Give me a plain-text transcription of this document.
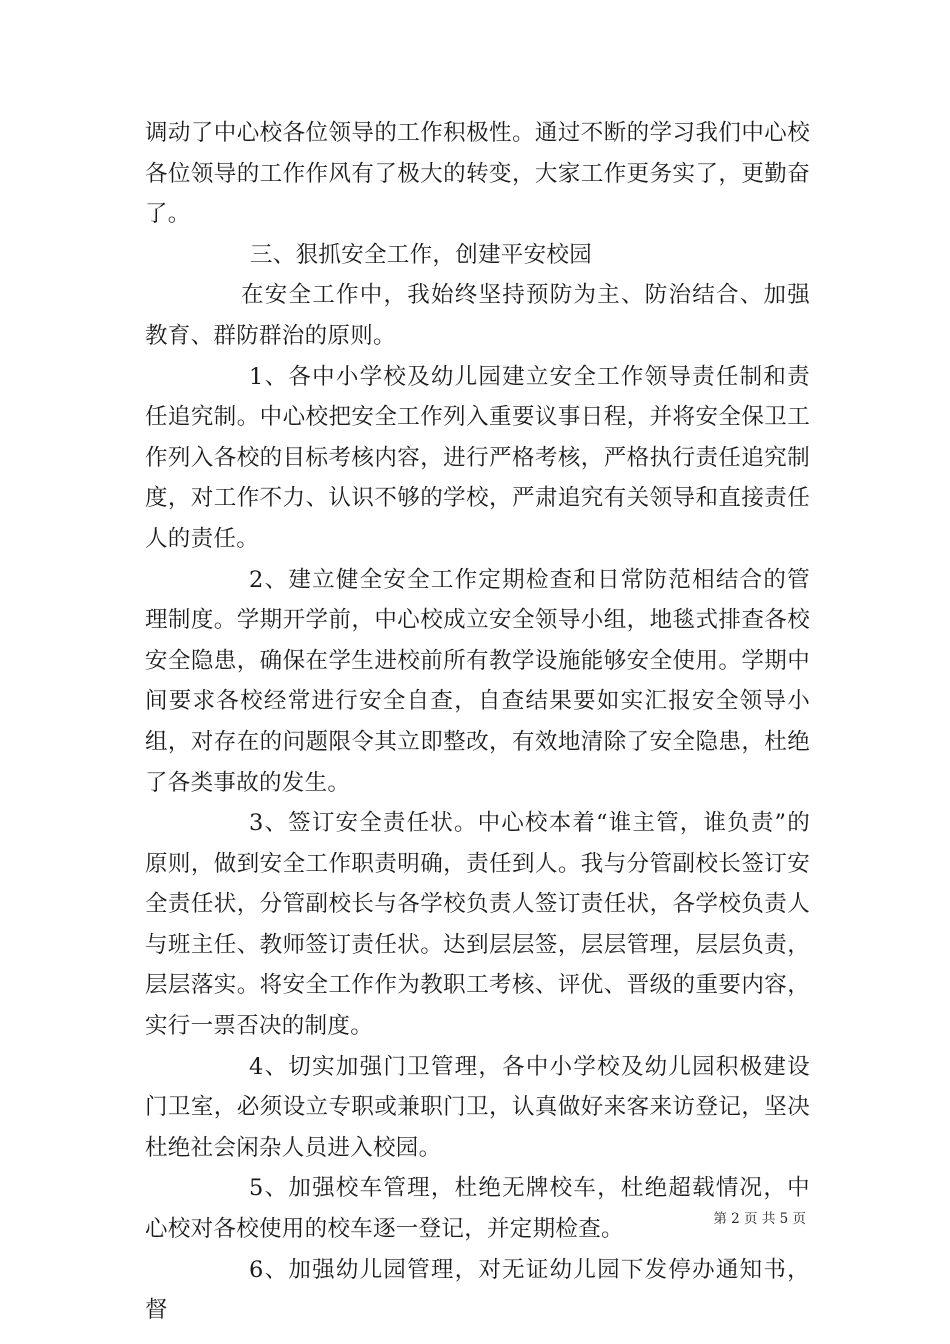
调动了中心校各位领导的工作积极性。通过不断的学习我们中心校各位领导的工作作风有了极大的转变，大家工作更务实了，更勤奋了。

三、狠抓安全工作，创建平安校园

在安全工作中，我始终坚持预防为主、防治结合、加强教育、群防群治的原则。

1、各中小学校及幼儿园建立安全工作领导责任制和责任追究制。中心校把安全工作列入重要议事日程，并将安全保卫工作列入各校的目标考核内容，进行严格考核，严格执行责任追究制度，对工作不力、认识不够的学校，严肃追究有关领导和直接责任人的责任。

2、建立健全安全工作定期检查和日常防范相结合的管理制度。学期开学前，中心校成立安全领导小组，地毯式排查各校安全隐患，确保在学生进校前所有教学设施能够安全使用。学期中间要求各校经常进行安全自查，自查结果要如实汇报安全领导小组，对存在的问题限令其立即整改，有效地清除了安全隐患，杜绝了各类事故的发生。

3、签订安全责任状。中心校本着“谁主管，谁负责”的原则，做到安全工作职责明确，责任到人。我与分管副校长签订安全责任状，分管副校长与各学校负责人签订责任状，各学校负责人与班主任、教师签订责任状。达到层层签，层层管理，层层负责，层层落实。将安全工作作为教职工考核、评优、晋级的重要内容，实行一票否决的制度。

4、切实加强门卫管理，各中小学校及幼儿园积极建设门卫室，必须设立专职或兼职门卫，认真做好来客来访登记，坚决杜绝社会闲杂人员进入校园。

5、加强校车管理，杜绝无牌校车，杜绝超载情况，中心校对各校使用的校车逐一登记，并定期检查。

6、加强幼儿园管理，对无证幼儿园下发停办通知书，督

第 2 页 共 5 页
